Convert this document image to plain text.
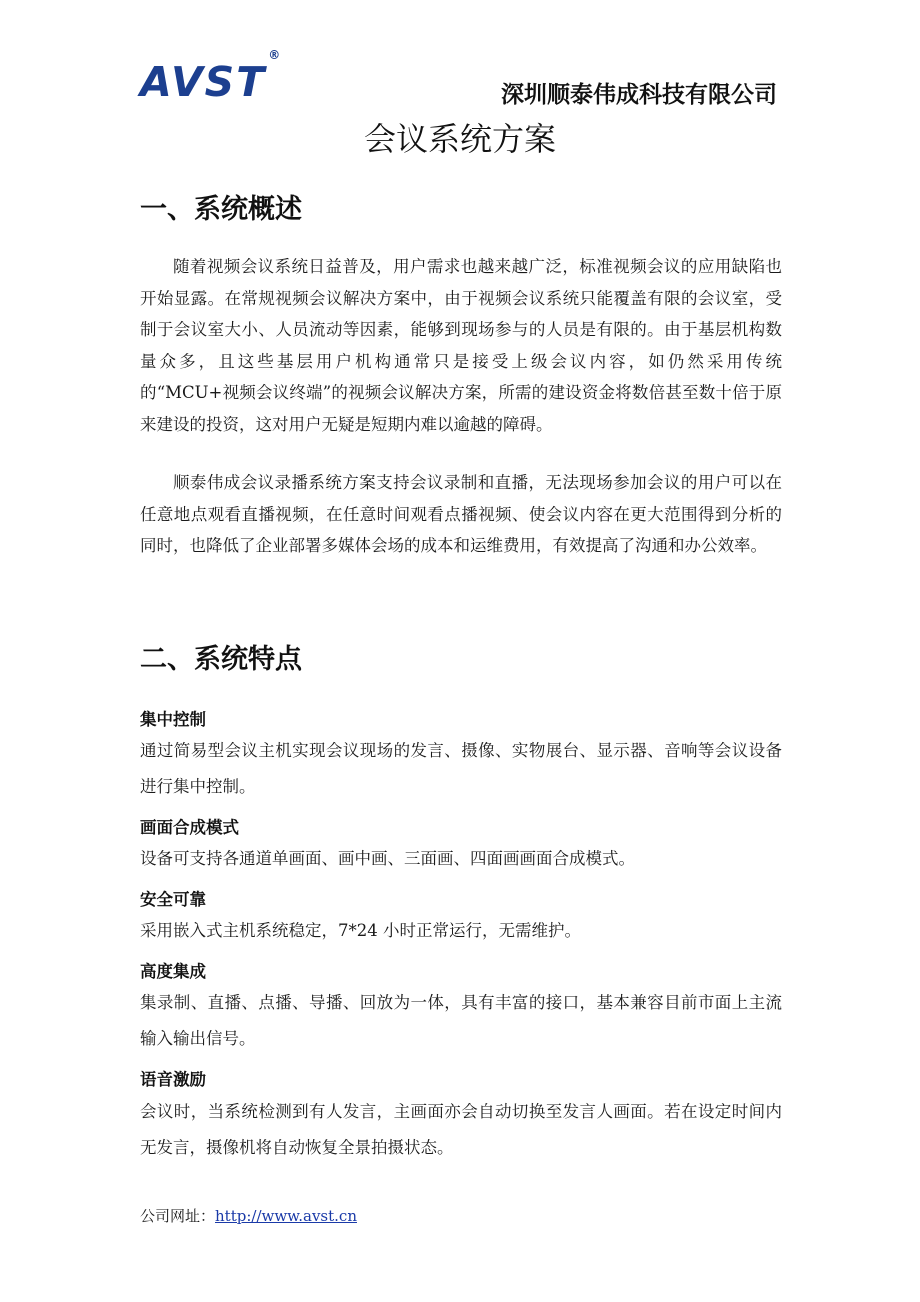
AVST®
深圳顺泰伟成科技有限公司
会议系统方案
一、系统概述

随着视频会议系统日益普及，用户需求也越来越广泛，标准视频会议的应用缺陷也开始显露。在常规视频会议解决方案中，由于视频会议系统只能覆盖有限的会议室，受制于会议室大小、人员流动等因素，能够到现场参与的人员是有限的。由于基层机构数量众多，且这些基层用户机构通常只是接受上级会议内容，如仍然采用传统的“MCU+视频会议终端”的视频会议解决方案，所需的建设资金将数倍甚至数十倍于原来建设的投资，这对用户无疑是短期内难以逾越的障碍。

顺泰伟成会议录播系统方案支持会议录制和直播，无法现场参加会议的用户可以在任意地点观看直播视频，在任意时间观看点播视频、使会议内容在更大范围得到分析的同时，也降低了企业部署多媒体会场的成本和运维费用，有效提高了沟通和办公效率。

二、系统特点
集中控制

通过简易型会议主机实现会议现场的发言、摄像、实物展台、显示器、音响等会议设备进行集中控制。

画面合成模式

设备可支持各通道单画面、画中画、三面画、四面画画面合成模式。

安全可靠

采用嵌入式主机系统稳定，7*24 小时正常运行，无需维护。

高度集成

集录制、直播、点播、导播、回放为一体，具有丰富的接口，基本兼容目前市面上主流输入输出信号。

语音激励

会议时，当系统检测到有人发言，主画面亦会自动切换至发言人画面。若在设定时间内无发言，摄像机将自动恢复全景拍摄状态。

公司网址：http://www.avst.cn
